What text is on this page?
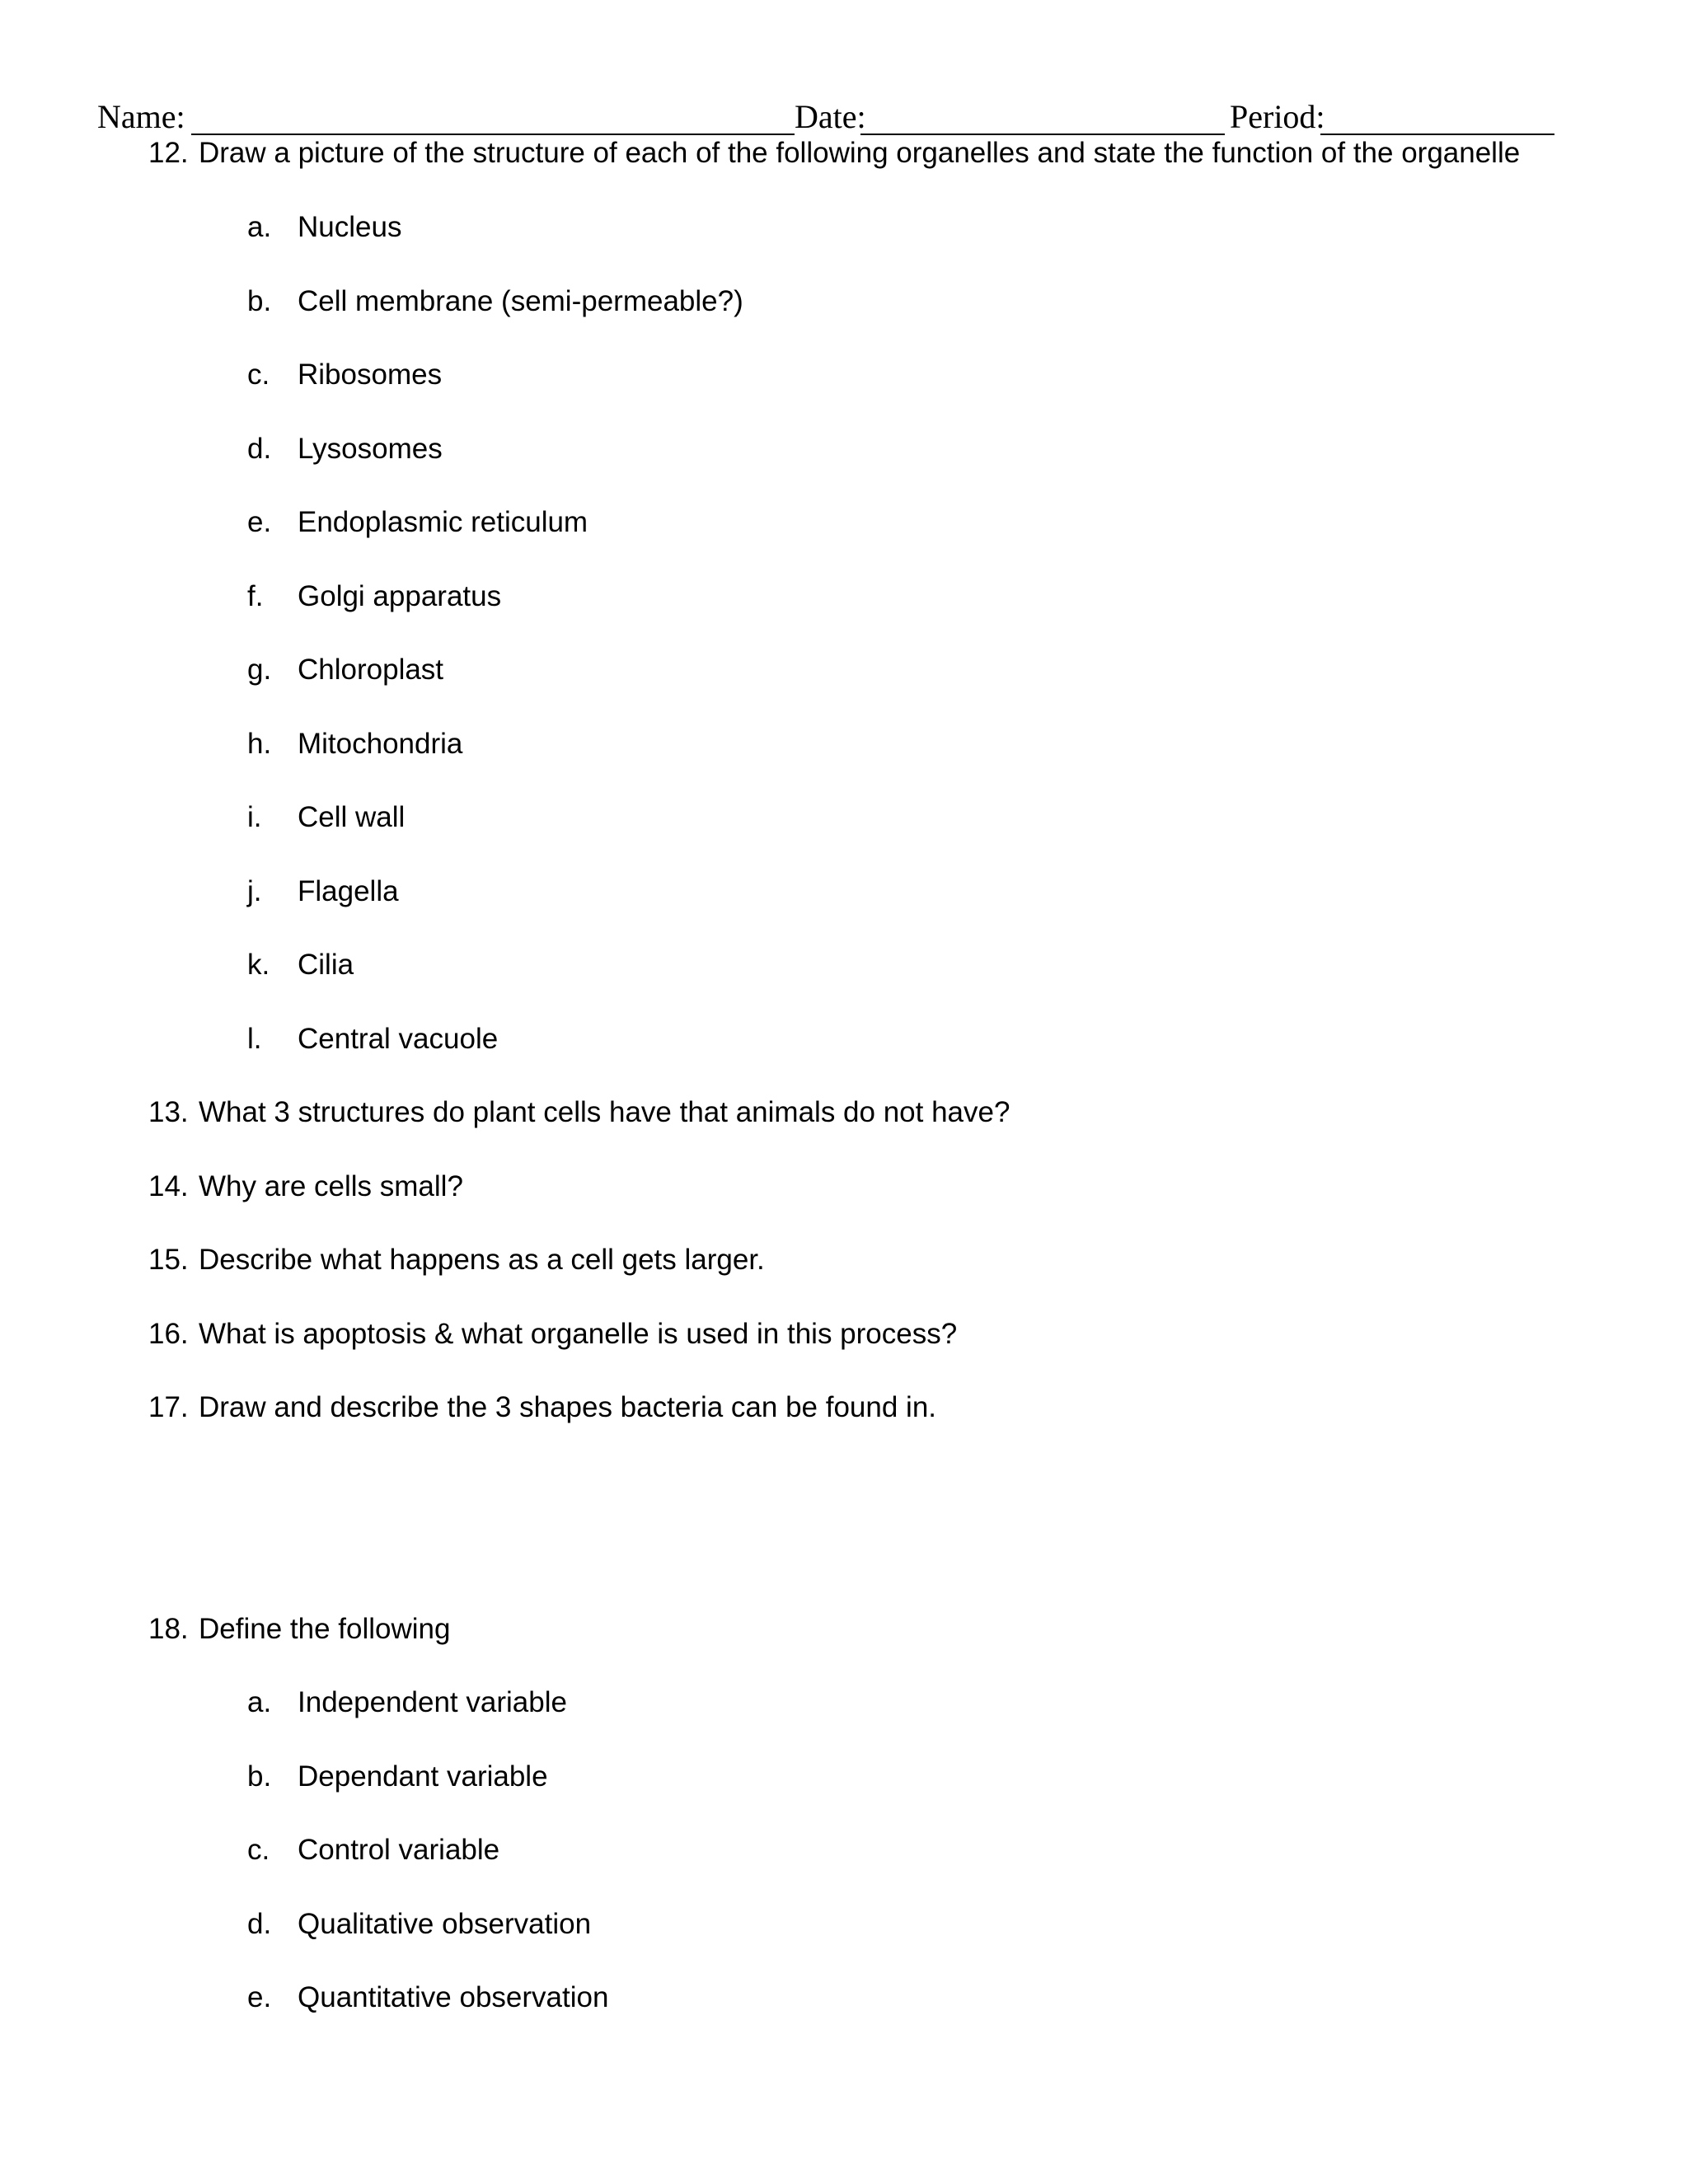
Name:	Date:	Period:
12. Draw a picture of the structure of each of the following organelles and state the function of the organelle
a. Nucleus
b. Cell membrane (semi-permeable?)
c. Ribosomes
d. Lysosomes
e. Endoplasmic reticulum
f. Golgi apparatus
g. Chloroplast
h. Mitochondria
i. Cell wall
j. Flagella
k. Cilia
l. Central vacuole
13. What 3 structures do plant cells have that animals do not have?
14. Why are cells small?
15. Describe what happens as a cell gets larger.
16. What is apoptosis & what organelle is used in this process?
17. Draw and describe the 3 shapes bacteria can be found in.
18. Define the following
a. Independent variable
b. Dependant variable
c. Control variable
d. Qualitative observation
e. Quantitative observation
